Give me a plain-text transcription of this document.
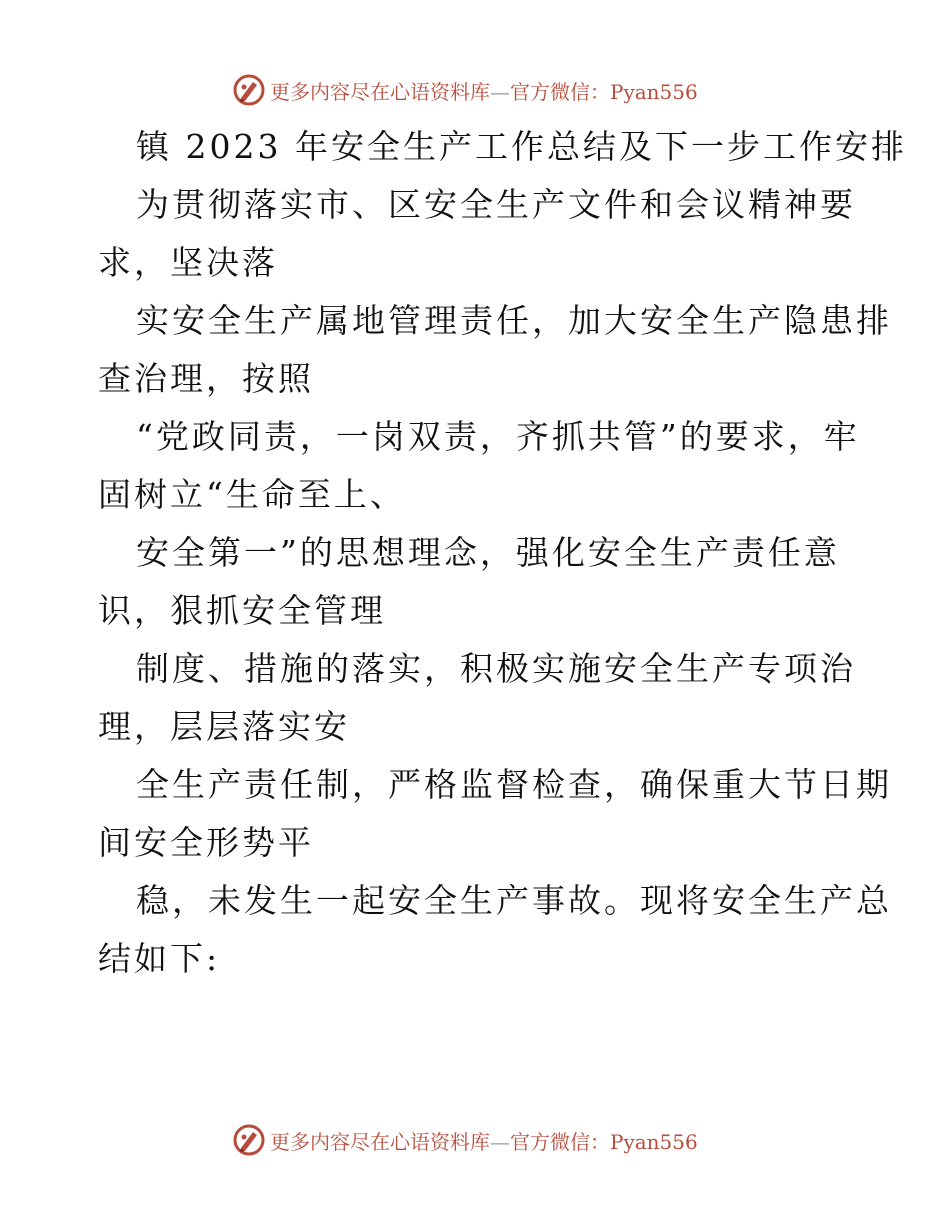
更多内容尽在心语资料库—官方微信：Pyan556
镇 2023 年安全生产工作总结及下一步工作安排
为贯彻落实市、区安全生产文件和会议精神要
求，坚决落
实安全生产属地管理责任，加大安全生产隐患排
查治理，按照
“党政同责，一岗双责，齐抓共管”的要求，牢
固树立“生命至上、
安全第一”的思想理念，强化安全生产责任意
识，狠抓安全管理
制度、措施的落实，积极实施安全生产专项治
理，层层落实安
全生产责任制，严格监督检查，确保重大节日期
间安全形势平
稳，未发生一起安全生产事故。现将安全生产总
结如下:
更多内容尽在心语资料库—官方微信：Pyan556
